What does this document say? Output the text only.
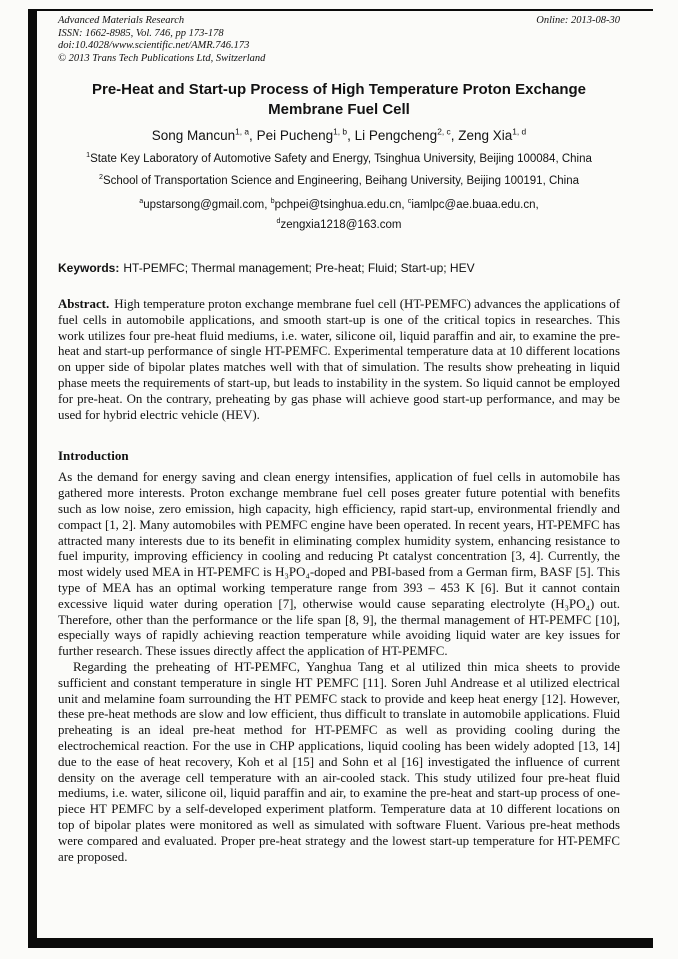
Advanced Materials Research
ISSN: 1662-8985, Vol. 746, pp 173-178
doi:10.4028/www.scientific.net/AMR.746.173
© 2013 Trans Tech Publications Ltd, Switzerland
Online: 2013-08-30
Pre-Heat and Start-up Process of High Temperature Proton Exchange Membrane Fuel Cell
Song Mancun$^{1, a}$, Pei Pucheng$^{1, b}$, Li Pengcheng$^{2, c}$, Zeng Xia$^{1, d}$
$^1$State Key Laboratory of Automotive Safety and Energy, Tsinghua University, Beijing 100084, China
$^2$School of Transportation Science and Engineering, Beihang University, Beijing 100191, China
$^a$upstarsong@gmail.com, $^b$pchpei@tsinghua.edu.cn, $^c$iamlpc@ae.buaa.edu.cn,
$^d$zengxia1218@163.com

Keywords: HT-PEMFC; Thermal management; Pre-heat; Fluid; Start-up; HEV

Abstract. High temperature proton exchange membrane fuel cell (HT-PEMFC) advances the applications of fuel cells in automobile applications, and smooth start-up is one of the critical topics in researches. This work utilizes four pre-heat fluid mediums, i.e. water, silicone oil, liquid paraffin and air, to examine the pre-heat and start-up performance of single HT-PEMFC. Experimental temperature data at 10 different locations on upper side of bipolar plates matches well with that of simulation. The results show preheating in liquid phase meets the requirements of start-up, but leads to instability in the system. So liquid cannot be employed for pre-heat. On the contrary, preheating by gas phase will achieve good start-up performance, and may be used for hybrid electric vehicle (HEV).

Introduction

As the demand for energy saving and clean energy intensifies, application of fuel cells in automobile has gathered more interests. Proton exchange membrane fuel cell poses greater future potential with benefits such as low noise, zero emission, high capacity, high efficiency, rapid start-up, environmental friendly and compact [1, 2]. Many automobiles with PEMFC engine have been operated. In recent years, HT-PEMFC has attracted many interests due to its benefit in eliminating complex humidity system, enhancing resistance to fuel impurity, improving efficiency in cooling and reducing Pt catalyst concentration [3, 4]. Currently, the most widely used MEA in HT-PEMFC is H₃PO₄-doped and PBI-based from a German firm, BASF [5]. This type of MEA has an optimal working temperature range from 393 – 453 K [6]. But it cannot contain excessive liquid water during operation [7], otherwise would cause separating electrolyte (H₃PO₄) out. Therefore, other than the performance or the life span [8, 9], the thermal management of HT-PEMFC [10], especially ways of rapidly achieving reaction temperature while avoiding liquid water are key issues for further research. These issues directly affect the application of HT-PEMFC.

Regarding the preheating of HT-PEMFC, Yanghua Tang et al utilized thin mica sheets to provide sufficient and constant temperature in single HT PEMFC [11]. Soren Juhl Andrease et al utilized electrical unit and melamine foam surrounding the HT PEMFC stack to provide and keep heat energy [12]. However, these pre-heat methods are slow and low efficient, thus difficult to translate in automobile applications. Fluid preheating is an ideal pre-heat method for HT-PEMFC as well as providing cooling during the electrochemical reaction. For the use in CHP applications, liquid cooling has been widely adopted [13, 14] due to the ease of heat recovery, Koh et al [15] and Sohn et al [16] investigated the influence of current density on the average cell temperature with an air-cooled stack. This study utilized four pre-heat fluid mediums, i.e. water, silicone oil, liquid paraffin and air, to examine the pre-heat and start-up process of one-piece HT PEMFC by a self-developed experiment platform. Temperature data at 10 different locations on top of bipolar plates were monitored as well as simulated with software Fluent. Various pre-heat methods were compared and evaluated. Proper pre-heat strategy and the lowest start-up temperature for HT-PEMFC are proposed.
